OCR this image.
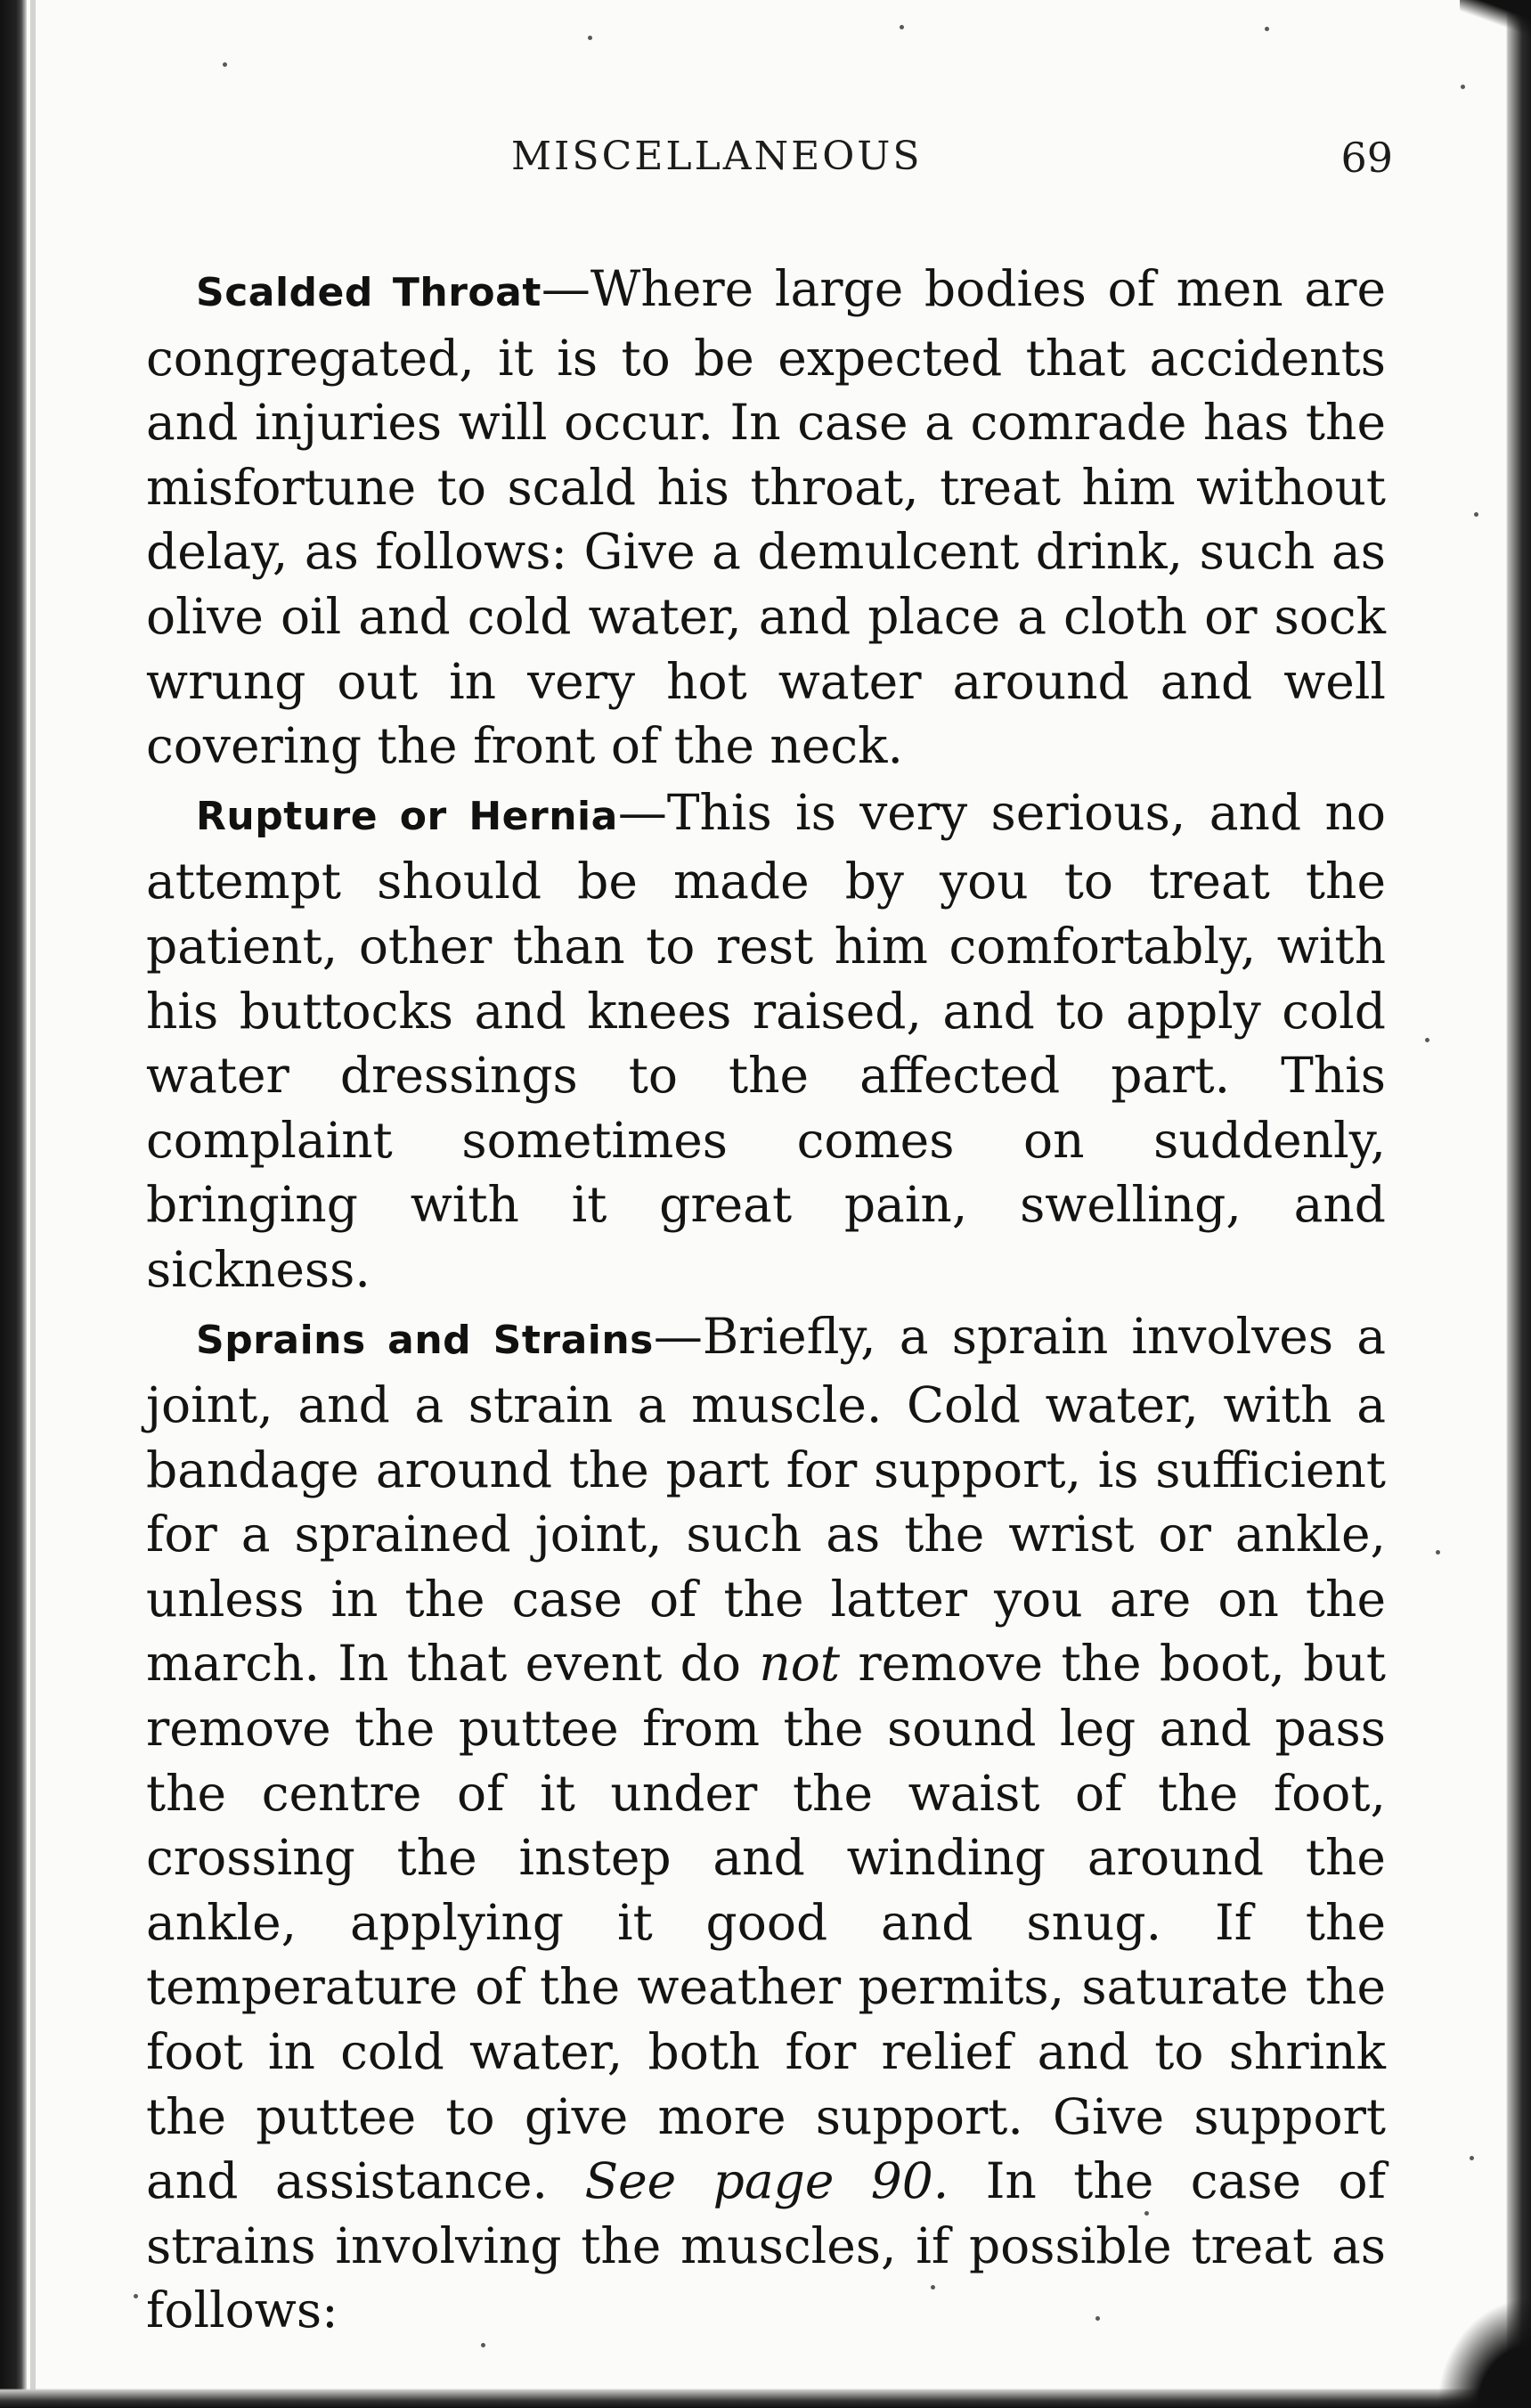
MISCELLANEOUS	69

Scalded Throat—Where large bodies of men are congregated, it is to be expected that accidents and injuries will occur. In case a comrade has the misfortune to scald his throat, treat him without delay, as follows: Give a demulcent drink, such as olive oil and cold water, and place a cloth or sock wrung out in very hot water around and well covering the front of the neck.

Rupture or Hernia—This is very serious, and no attempt should be made by you to treat the patient, other than to rest him comfortably, with his buttocks and knees raised, and to apply cold water dressings to the affected part. This complaint sometimes comes on suddenly, bringing with it great pain, swelling, and sickness.

Sprains and Strains—Briefly, a sprain involves a joint, and a strain a muscle. Cold water, with a bandage around the part for support, is sufficient for a sprained joint, such as the wrist or ankle, unless in the case of the latter you are on the march. In that event do not remove the boot, but remove the puttee from the sound leg and pass the centre of it under the waist of the foot, crossing the instep and winding around the ankle, applying it good and snug. If the temperature of the weather permits, saturate the foot in cold water, both for relief and to shrink the puttee to give more support. Give support and assistance. See page 90. In the case of strains involving the muscles, if possible treat as follows:
